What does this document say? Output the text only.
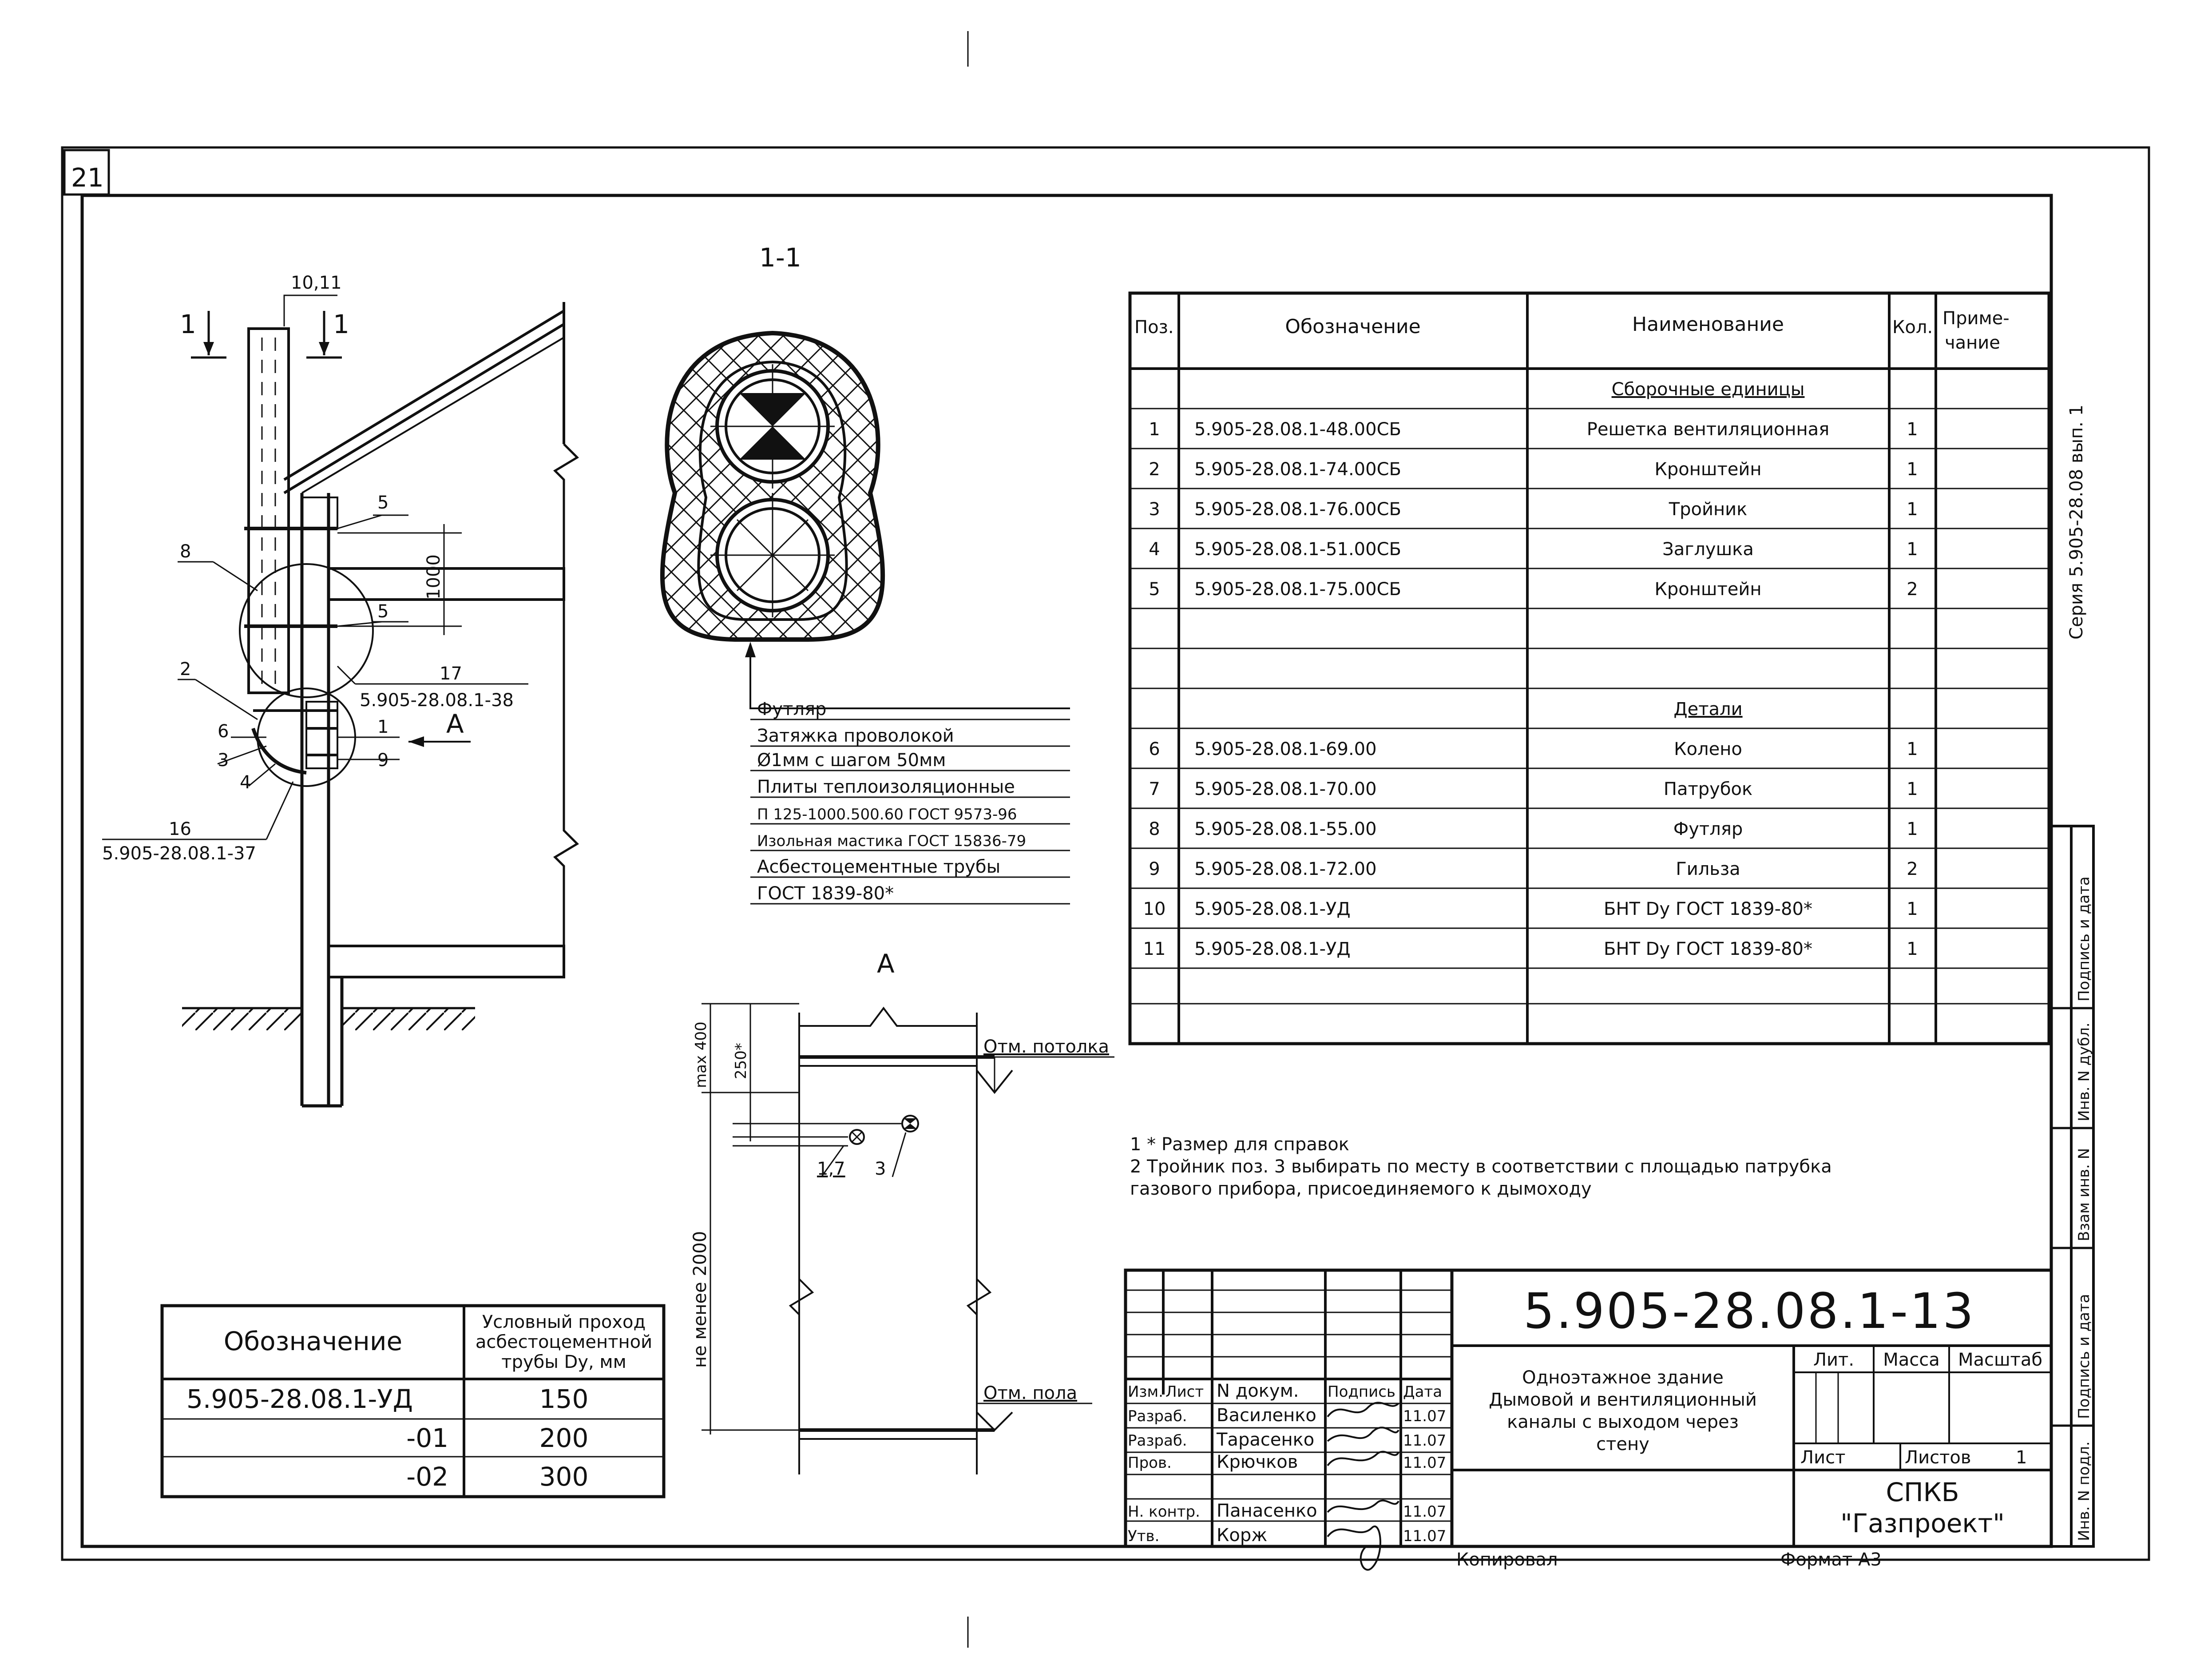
21
Серия 5.905-28.08 вып. 1
10,11
1	1
8
5
5
2
6
3
4
1
9
A
17
5.905-28.08.1-38
16
5.905-28.08.1-37
1000
1-1
Футляр
Затяжка проволокой
Ø1мм с шагом 50мм
Плиты теплоизоляционные
П 125-1000.500.60 ГОСТ 9573-96
Изольная мастика ГОСТ 15836-79
Асбестоцементные трубы
ГОСТ 1839-80*
A
max 400 250*
не менее 2000
Отм. потолка
Отм. пола
1,7 3
Поз.	Обозначение	Наименование	Кол. Приме-
чание
Сборочные единицы
1 5.905-28.08.1-48.00СБ	Решетка вентиляционная	1
2 5.905-28.08.1-74.00СБ	Кронштейн	1
3 5.905-28.08.1-76.00СБ	Тройник	1
4 5.905-28.08.1-51.00СБ	Заглушка	1
5 5.905-28.08.1-75.00СБ	Кронштейн	2
Детали
6 5.905-28.08.1-69.00	Колено	1
7 5.905-28.08.1-70.00	Патрубок	1
8 5.905-28.08.1-55.00	Футляр	1
9 5.905-28.08.1-72.00	Гильза	2
10 5.905-28.08.1-УД	БНТ Dy ГОСТ 1839-80*	1
11 5.905-28.08.1-УД	БНТ Dy ГОСТ 1839-80*	1
1 * Размер для справок
2 Тройник поз. 3 выбирать по месту в соответствии с площадью патрубка
газового прибора, присоединяемого к дымоходу
Обозначение
Условный проход
асбестоцементной
трубы Dy, мм
5.905-28.08.1-УД	150
-01	200
-02	300
5.905-28.08.1-13
Одноэтажное здание
Дымовой и вентиляционный
каналы с выходом через
стену
Изм. Лист N докум. Подпись Дата
Разраб. Василенко	11.07
Разраб. Тарасенко	11.07
Пров.	Крючков	11.07
Н. контр. Панасенко	11.07
Утв.	Корж	11.07
Лит. Масса Масштаб
Лист	Листов	1
СПКБ
"Газпроект"
Копировал	Формат А3
Инв. N подл.
Подпись и дата
Взам инв. N
Инв. N дубл.
Подпись и дата
